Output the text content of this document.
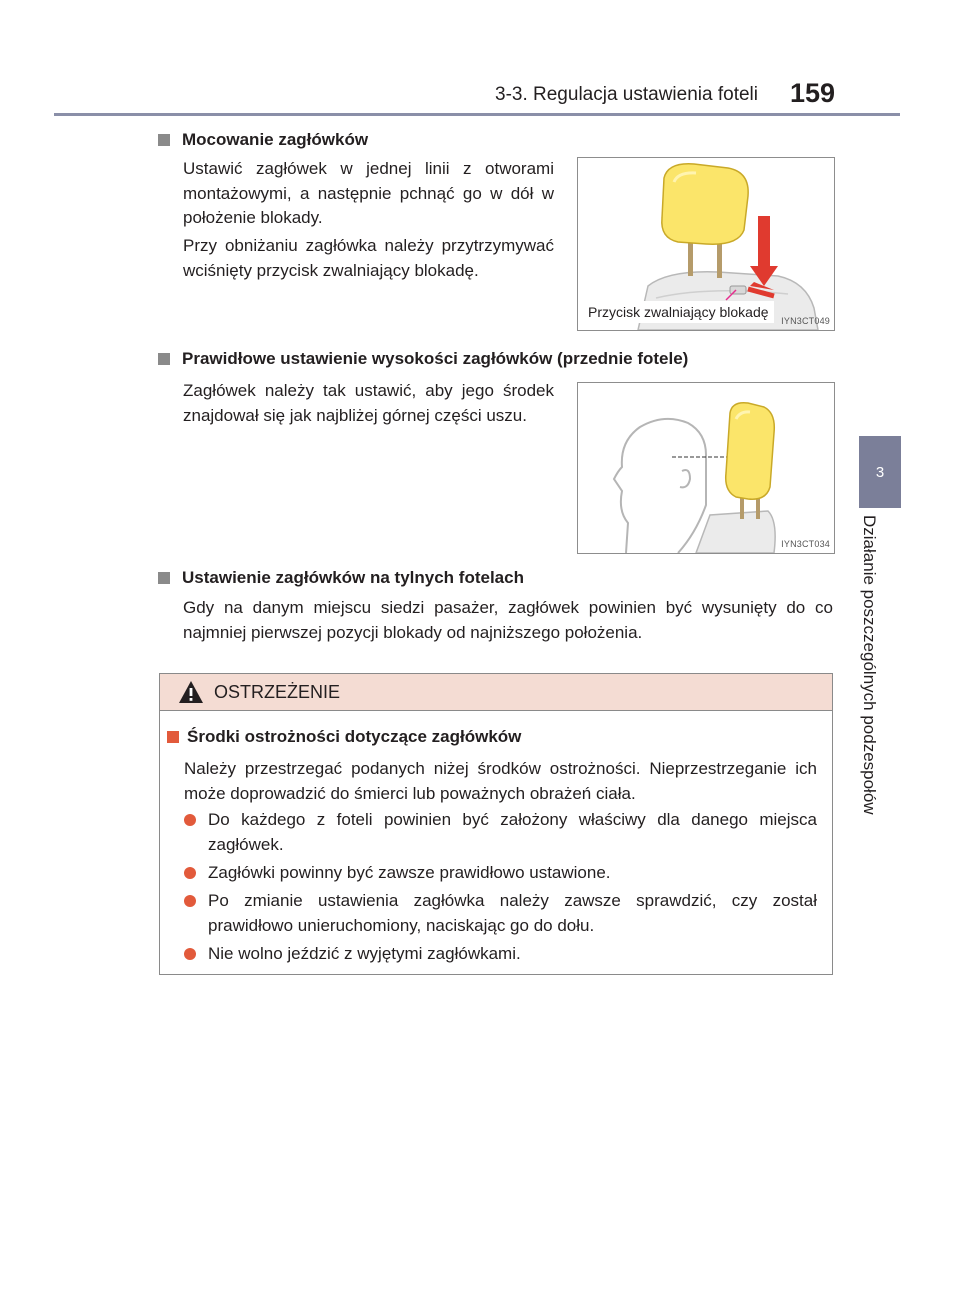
3-3. Regulacja ustawienia foteli 159
3
Działanie poszczególnych podzespołów
Mocowanie zagłówków
Ustawić zagłówek w jednej linii z otworami montażowymi, a następnie pchnąć go w dół w położenie blokady.
Przy obniżaniu zagłówka należy przytrzymywać wciśnięty przycisk zwalniający blokadę.
Przycisk zwalniający blokadę
IYN3CT049
Prawidłowe ustawienie wysokości zagłówków (przednie fotele)
Zagłówek należy tak ustawić, aby jego środek znajdował się jak najbliżej górnej części uszu.
IYN3CT034
Ustawienie zagłówków na tylnych fotelach
Gdy na danym miejscu siedzi pasażer, zagłówek powinien być wysunięty do co najmniej pierwszej pozycji blokady od najniższego położenia.
OSTRZEŻENIE
Środki ostrożności dotyczące zagłówków
Należy przestrzegać podanych niżej środków ostrożności. Nieprzestrzeganie ich może doprowadzić do śmierci lub poważnych obrażeń ciała.
Do każdego z foteli powinien być założony właściwy dla danego miejsca zagłówek.
Zagłówki powinny być zawsze prawidłowo ustawione.
Po zmianie ustawienia zagłówka należy zawsze sprawdzić, czy został prawidłowo unieruchomiony, naciskając go do dołu.
Nie wolno jeździć z wyjętymi zagłówkami.
